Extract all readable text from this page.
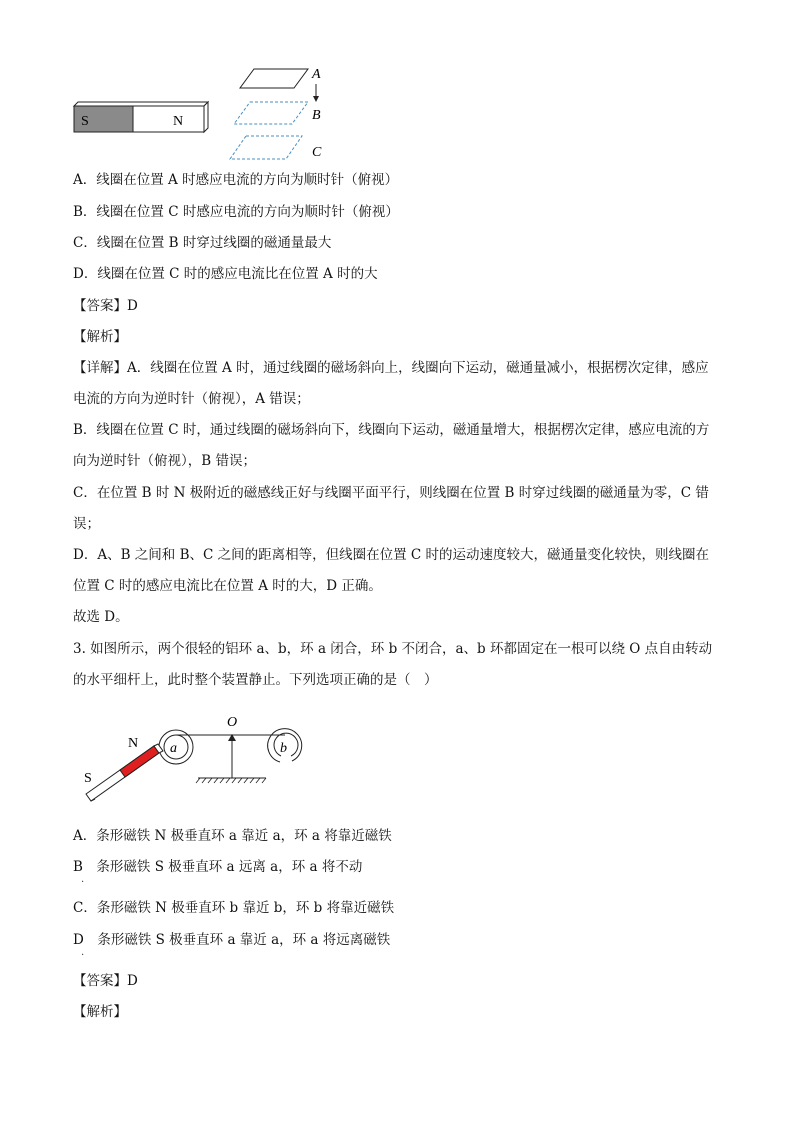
S	N
A
B
C
A．线圈在位置 A 时感应电流的方向为顺时针（俯视）
B．线圈在位置 C 时感应电流的方向为顺时针（俯视）
C．线圈在位置 B 时穿过线圈的磁通量最大
D．线圈在位置 C 时的感应电流比在位置 A 时的大
【答案】D
【解析】
【详解】A．线圈在位置 A 时，通过线圈的磁场斜向上，线圈向下运动，磁通量减小，根据楞次定律，感应
电流的方向为逆时针（俯视），A 错误；
B．线圈在位置 C 时，通过线圈的磁场斜向下，线圈向下运动，磁通量增大，根据楞次定律，感应电流的方
向为逆时针（俯视），B 错误；
C．在位置 B 时 N 极附近的磁感线正好与线圈平面平行，则线圈在位置 B 时穿过线圈的磁通量为零，C 错
误；
D．A、B 之间和 B、C 之间的距离相等，但线圈在位置 C 时的运动速度较大，磁通量变化较快，则线圈在
位置 C 时的感应电流比在位置 A 时的大，D 正确。
故选 D。
3. 如图所示，两个很轻的铝环 a、b，环 a 闭合，环 b 不闭合，a、b 环都固定在一根可以绕 O 点自由转动
的水平细杆上，此时整个装置静止。下列选项正确的是（　）
a	b
O
N
S
A．条形磁铁 N 极垂直环 a 靠近 a，环 a 将靠近磁铁
B　条形磁铁 S 极垂直环 a 远离 a，环 a 将不动
C．条形磁铁 N 极垂直环 b 靠近 b，环 b 将靠近磁铁
D　条形磁铁 S 极垂直环 a 靠近 a，环 a 将远离磁铁
.
.
【答案】D
【解析】
